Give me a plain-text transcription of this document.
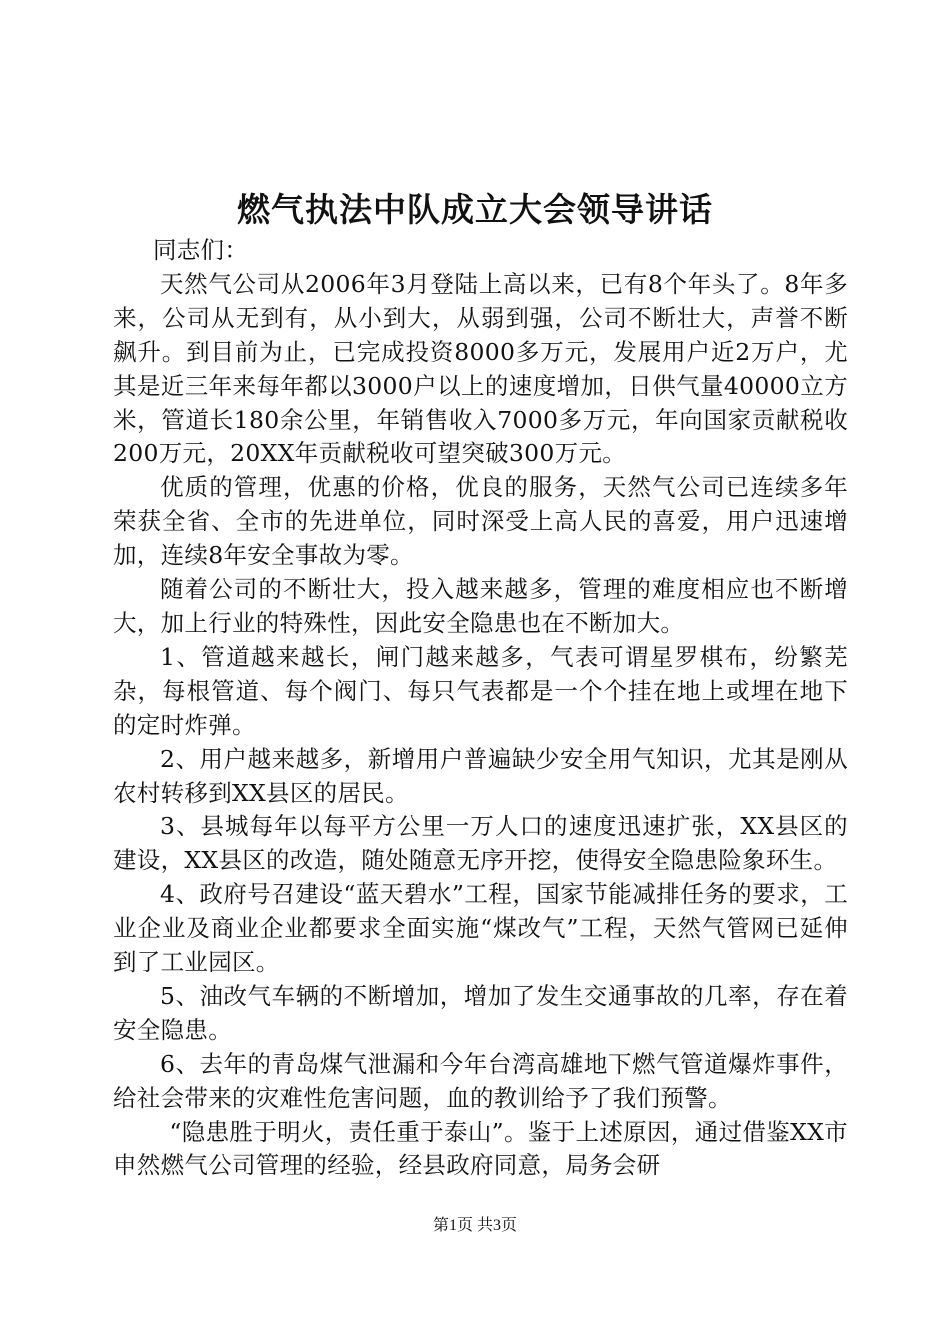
燃气执法中队成立大会领导讲话

同志们：

天然气公司从2006年3月登陆上高以来，已有8个年头了。8年多来，公司从无到有，从小到大，从弱到强，公司不断壮大，声誉不断飙升。到目前为止，已完成投资8000多万元，发展用户近2万户，尤其是近三年来每年都以3000户以上的速度增加，日供气量40000立方米，管道长180余公里，年销售收入7000多万元，年向国家贡献税收200万元，20XX年贡献税收可望突破300万元。

优质的管理，优惠的价格，优良的服务，天然气公司已连续多年荣获全省、全市的先进单位，同时深受上高人民的喜爱，用户迅速增加，连续8年安全事故为零。

随着公司的不断壮大，投入越来越多，管理的难度相应也不断增大，加上行业的特殊性，因此安全隐患也在不断加大。

1、管道越来越长，闸门越来越多，气表可谓星罗棋布，纷繁芜杂，每根管道、每个阀门、每只气表都是一个个挂在地上或埋在地下的定时炸弹。

2、用户越来越多，新增用户普遍缺少安全用气知识，尤其是刚从农村转移到XX县区的居民。

3、县城每年以每平方公里一万人口的速度迅速扩张，XX县区的建设，XX县区的改造，随处随意无序开挖，使得安全隐患险象环生。

4、政府号召建设“蓝天碧水”工程，国家节能减排任务的要求，工业企业及商业企业都要求全面实施“煤改气”工程，天然气管网已延伸到了工业园区。

5、油改气车辆的不断增加，增加了发生交通事故的几率，存在着安全隐患。

6、去年的青岛煤气泄漏和今年台湾高雄地下燃气管道爆炸事件，给社会带来的灾难性危害问题，血的教训给予了我们预警。

“隐患胜于明火，责任重于泰山”。鉴于上述原因，通过借鉴XX市申然燃气公司管理的经验，经县政府同意，局务会研

第1页 共3页
